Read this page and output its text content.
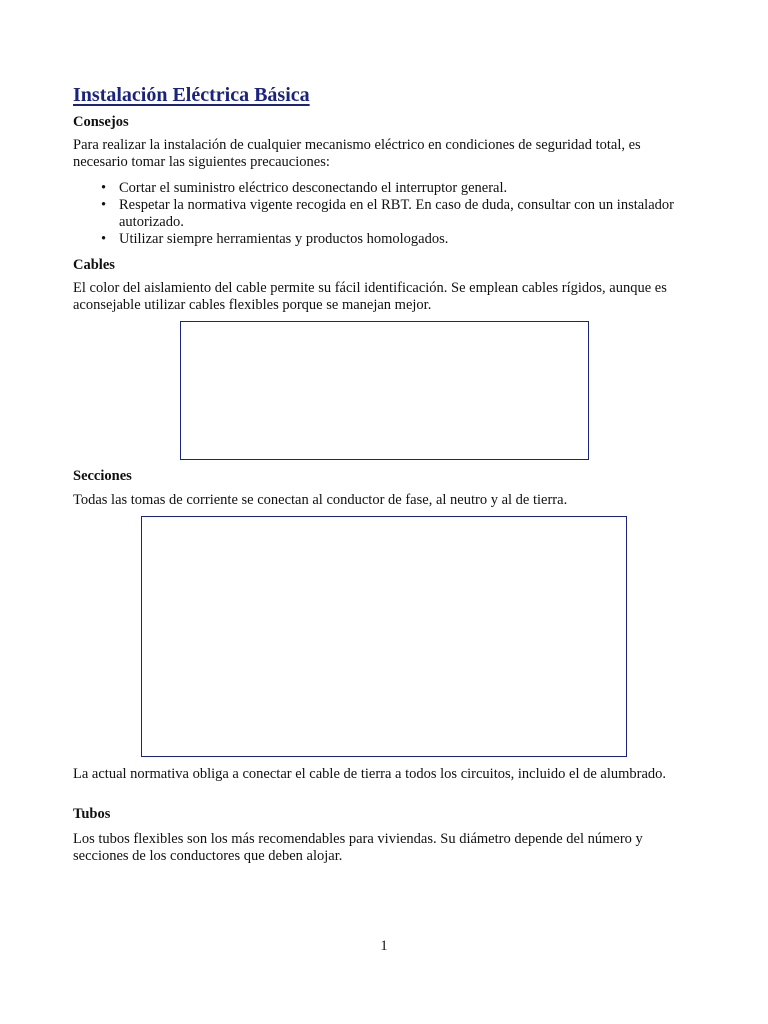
Instalación Eléctrica Básica
Consejos

Para realizar la instalación de cualquier mecanismo eléctrico en condiciones de seguridad total, es necesario tomar las siguientes precauciones:

• Cortar el suministro eléctrico desconectando el interruptor general.
• Respetar la normativa vigente recogida en el RBT. En caso de duda, consultar con un instalador autorizado.
• Utilizar siempre herramientas y productos homologados.
Cables

El color del aislamiento del cable permite su fácil identificación. Se emplean cables rígidos, aunque es aconsejable utilizar cables flexibles porque se manejan mejor.

Secciones

Todas las tomas de corriente se conectan al conductor de fase, al neutro y al de tierra.

La actual normativa obliga a conectar el cable de tierra a todos los circuitos, incluido el de alumbrado.

Tubos

Los tubos flexibles son los más recomendables para viviendas. Su diámetro depende del número y secciones de los conductores que deben alojar.

1
